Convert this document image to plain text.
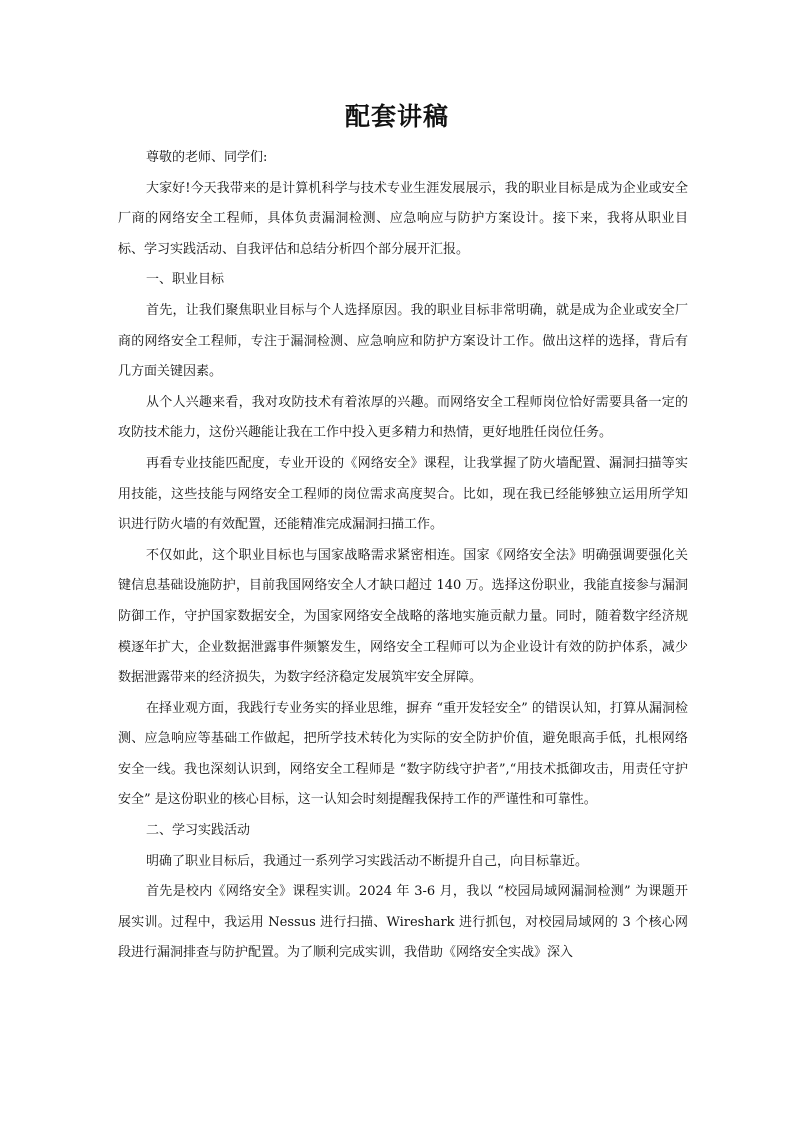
配套讲稿

尊敬的老师、同学们:

大家好!今天我带来的是计算机科学与技术专业生涯发展展示，我的职业目标是成为企业或安全厂商的网络安全工程师，具体负责漏洞检测、应急响应与防护方案设计。接下来，我将从职业目标、学习实践活动、自我评估和总结分析四个部分展开汇报。

一、职业目标

首先，让我们聚焦职业目标与个人选择原因。我的职业目标非常明确，就是成为企业或安全厂商的网络安全工程师，专注于漏洞检测、应急响应和防护方案设计工作。做出这样的选择，背后有几方面关键因素。

从个人兴趣来看，我对攻防技术有着浓厚的兴趣。而网络安全工程师岗位恰好需要具备一定的攻防技术能力，这份兴趣能让我在工作中投入更多精力和热情，更好地胜任岗位任务。

再看专业技能匹配度，专业开设的《网络安全》课程，让我掌握了防火墙配置、漏洞扫描等实用技能，这些技能与网络安全工程师的岗位需求高度契合。比如，现在我已经能够独立运用所学知识进行防火墙的有效配置，还能精准完成漏洞扫描工作。

不仅如此，这个职业目标也与国家战略需求紧密相连。国家《网络安全法》明确强调要强化关键信息基础设施防护，目前我国网络安全人才缺口超过 140 万。选择这份职业，我能直接参与漏洞防御工作，守护国家数据安全，为国家网络安全战略的落地实施贡献力量。同时，随着数字经济规模逐年扩大，企业数据泄露事件频繁发生，网络安全工程师可以为企业设计有效的防护体系，减少数据泄露带来的经济损失，为数字经济稳定发展筑牢安全屏障。

在择业观方面，我践行专业务实的择业思维，摒弃 “重开发轻安全” 的错误认知，打算从漏洞检测、应急响应等基础工作做起，把所学技术转化为实际的安全防护价值，避免眼高手低，扎根网络安全一线。我也深刻认识到，网络安全工程师是 “数字防线守护者”,“用技术抵御攻击，用责任守护安全” 是这份职业的核心目标，这一认知会时刻提醒我保持工作的严谨性和可靠性。

二、学习实践活动

明确了职业目标后，我通过一系列学习实践活动不断提升自己，向目标靠近。

首先是校内《网络安全》课程实训。2024 年 3-6 月，我以 “校园局域网漏洞检测” 为课题开展实训。过程中，我运用 Nessus 进行扫描、Wireshark 进行抓包，对校园局域网的 3 个核心网段进行漏洞排查与防护配置。为了顺利完成实训，我借助《网络安全实战》深入
